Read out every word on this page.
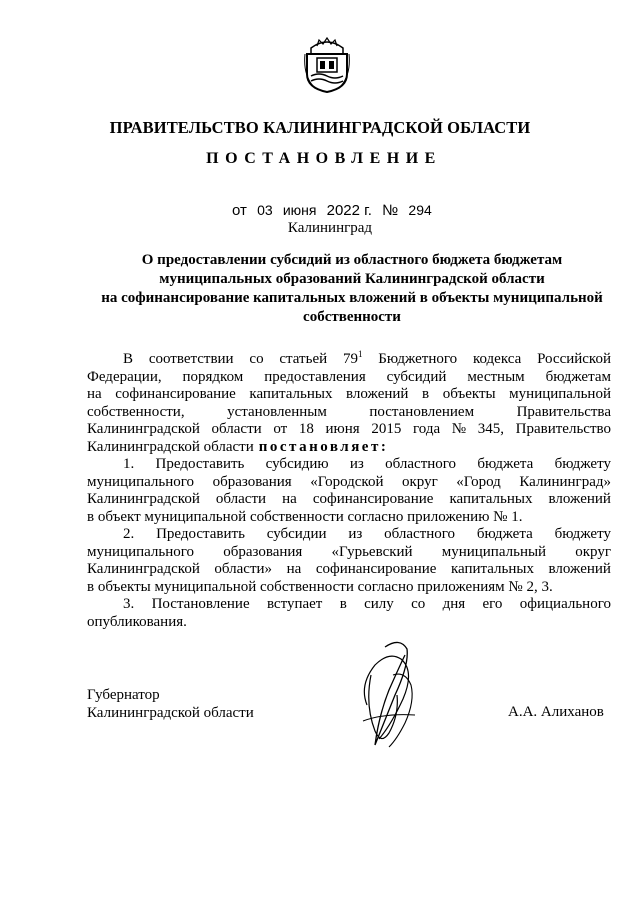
ПРАВИТЕЛЬСТВО КАЛИНИНГРАДСКОЙ ОБЛАСТИ
ПОСТАНОВЛЕНИЕ
от 03 июня 2022 г. № 294
Калининград
О предоставлении субсидий из областного бюджета бюджетам
муниципальных образований Калининградской области
на софинансирование капитальных вложений в объекты муниципальной
собственности
В соответствии со статьей $79^1$ Бюджетного кодекса Российской
Федерации, порядком предоставления субсидий местным бюджетам
на софинансирование капитальных вложений в объекты муниципальной
собственности,	установленным	постановлением	Правительства
Калининградской области от 18 июня 2015 года № 345, Правительство
Калининградской области постановляет:
1. Предоставить субсидию из областного бюджета бюджету
муниципального образования «Городской округ «Город Калининград»
Калининградской области на софинансирование капитальных вложений
в объект муниципальной собственности согласно приложению № 1.
2. Предоставить субсидии из областного бюджета бюджету
муниципального образования «Гурьевский муниципальный округ
Калининградской области» на софинансирование капитальных вложений
в объекты муниципальной собственности согласно приложениям № 2, 3.
3. Постановление вступает в силу со дня его официального
опубликования.
Губернатор
Калининградской области	А.А. Алиханов
